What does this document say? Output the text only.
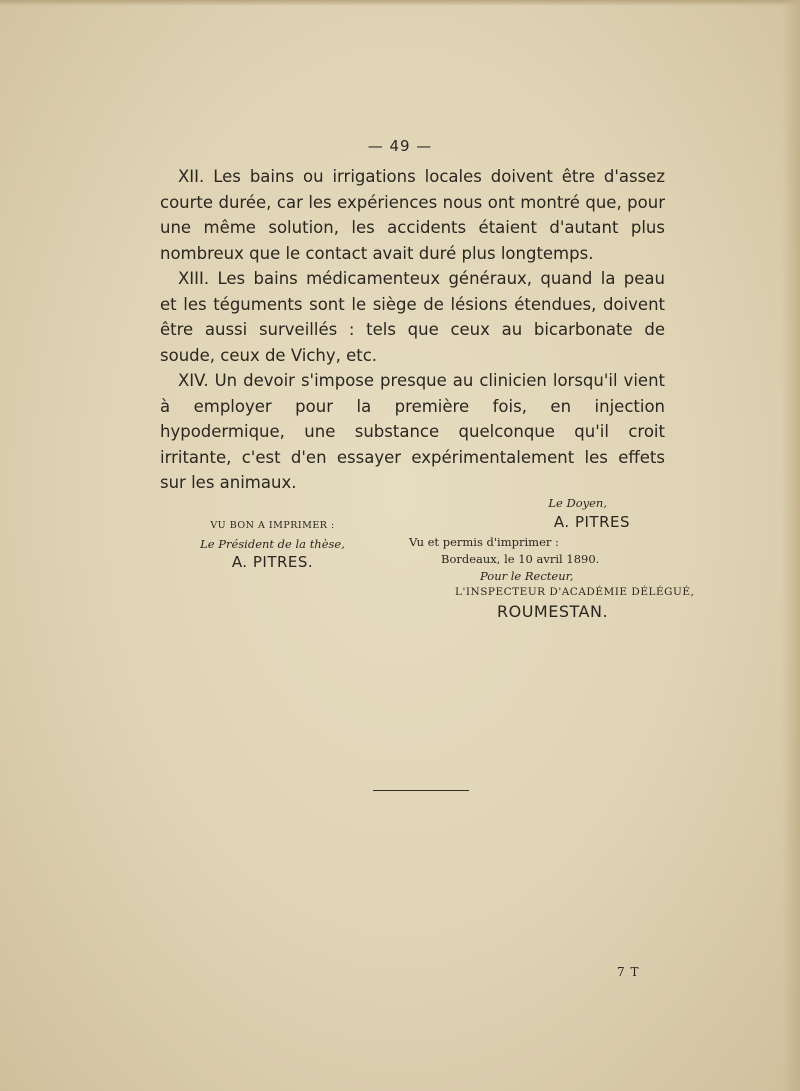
— 49 —

XII. Les bains ou irrigations locales doivent être d'assez courte durée, car les expériences nous ont montré que, pour une même solution, les accidents étaient d'autant plus nombreux que le contact avait duré plus longtemps.

XIII. Les bains médicamenteux généraux, quand la peau et les téguments sont le siège de lésions étendues, doivent être aussi surveillés : tels que ceux au bicarbonate de soude, ceux de Vichy, etc.

XIV. Un devoir s'impose presque au clinicien lorsqu'il vient à employer pour la première fois, en injection hypodermique, une substance quelconque qu'il croit irritante, c'est d'en essayer expérimentalement les effets sur les animaux.

VU BON A IMPRIMER :
Le Président de la thèse,
A. PITRES.
Le Doyen,
A. PITRES
Vu et permis d'imprimer :
Bordeaux, le 10 avril 1890.
Pour le Recteur,
L'INSPECTEUR D'ACADÉMIE DÉLÉGUÉ,
ROUMESTAN.
7 T
